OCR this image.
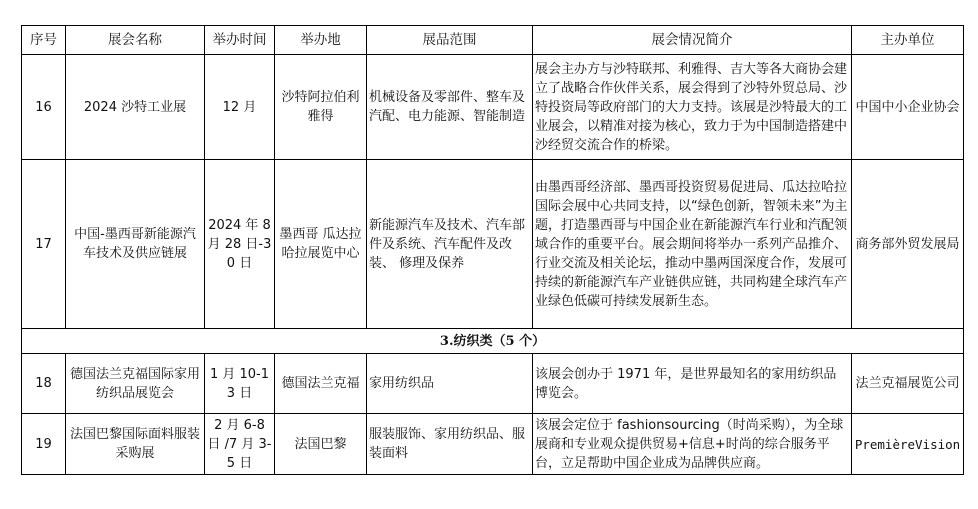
序号	展会名称	举办时间	举办地	展品范围	展会情况简介	主办单位
16	2024 沙特工业展	12 月	沙特阿拉伯利雅得	机械设备及零部件、整车及汽配、电力能源、智能制造	展会主办方与沙特联邦、利雅得、吉大等各大商协会建立了战略合作伙伴关系，展会得到了沙特外贸总局、沙特投资局等政府部门的大力支持。该展是沙特最大的工业展会，以精准对接为核心，致力于为中国制造搭建中沙经贸交流合作的桥梁。	中国中小企业协会
17	中国-墨西哥新能源汽车技术及供应链展	2024 年 8 月 28 日-30 日	墨西哥 瓜达拉哈拉展览中心	新能源汽车及技术、汽车部件及系统、汽车配件及改装、 修理及保养	由墨西哥经济部、墨西哥投资贸易促进局、瓜达拉哈拉国际会展中心共同支持，以“绿色创新，智领未来”为主题，打造墨西哥与中国企业在新能源汽车行业和汽配领域合作的重要平台。展会期间将举办一系列产品推介、行业交流及相关论坛，推动中墨两国深度合作，发展可持续的新能源汽车产业链供应链，共同构建全球汽车产业绿色低碳可持续发展新生态。	商务部外贸发展局
3.纺织类（5 个）						
18	德国法兰克福国际家用纺织品展览会	1 月 10-13 日	德国法兰克福	家用纺织品	该展会创办于 1971 年，是世界最知名的家用纺织品博览会。	法兰克福展览公司
19	法国巴黎国际面料服装采购展	2 月 6-8 日 /7 月 3-5 日	法国巴黎	服装服饰、家用纺织品、服装面料	该展会定位于 fashionsourcing（时尚采购），为全球展商和专业观众提供贸易+信息+时尚的综合服务平台，立足帮助中国企业成为品牌供应商。	PremièreVision
